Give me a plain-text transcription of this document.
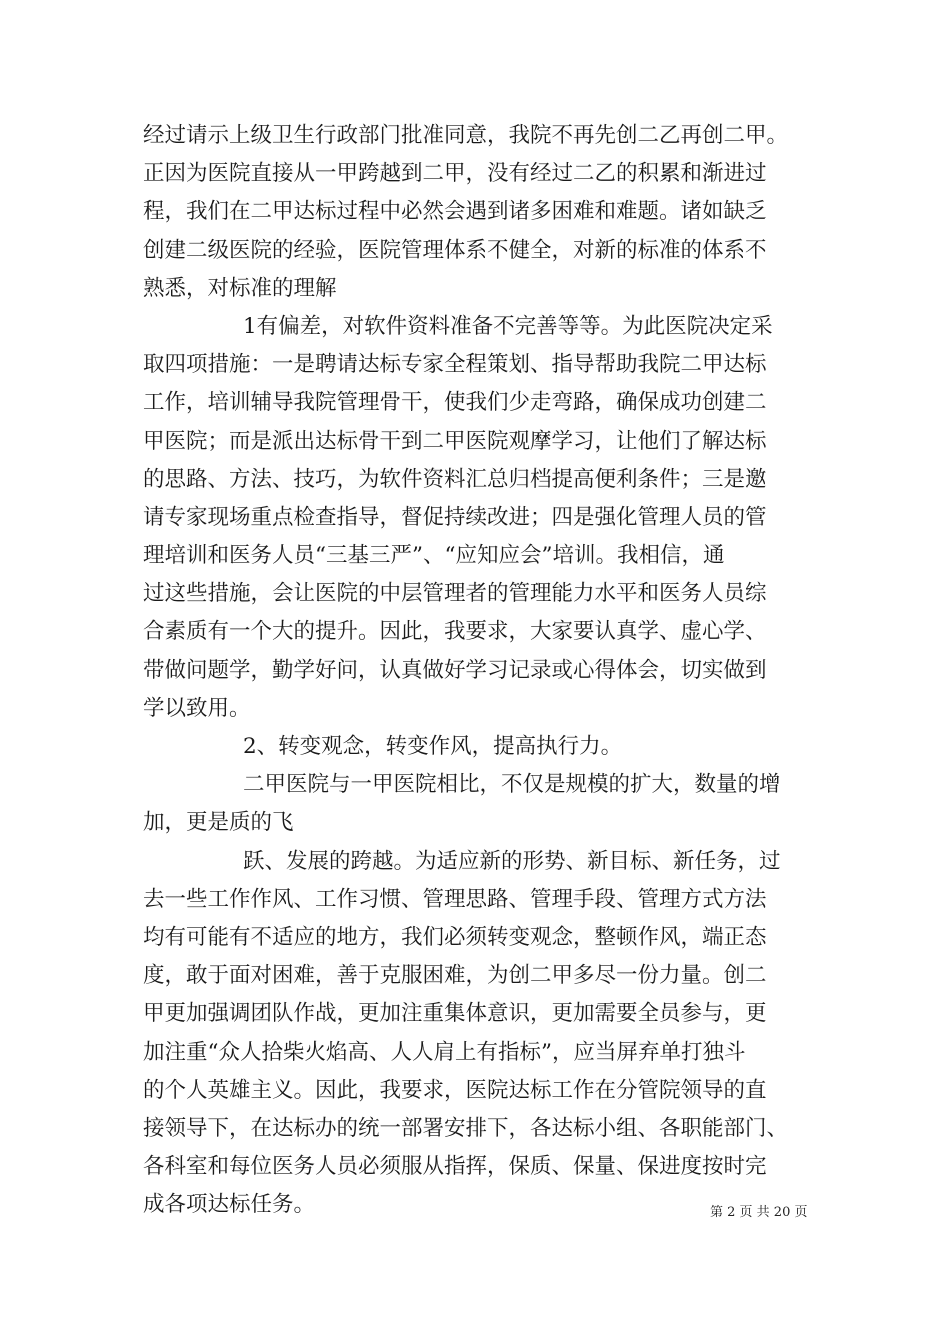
经过请示上级卫生行政部门批准同意，我院不再先创二乙再创二甲。
正因为医院直接从一甲跨越到二甲，没有经过二乙的积累和渐进过
程，我们在二甲达标过程中必然会遇到诸多困难和难题。诸如缺乏
创建二级医院的经验，医院管理体系不健全，对新的标准的体系不
熟悉，对标准的理解
1有偏差，对软件资料准备不完善等等。为此医院决定采
取四项措施：一是聘请达标专家全程策划、指导帮助我院二甲达标
工作，培训辅导我院管理骨干，使我们少走弯路，确保成功创建二
甲医院；而是派出达标骨干到二甲医院观摩学习，让他们了解达标
的思路、方法、技巧，为软件资料汇总归档提高便利条件；三是邀
请专家现场重点检查指导，督促持续改进；四是强化管理人员的管
理培训和医务人员“三基三严”、“应知应会”培训。我相信，通
过这些措施，会让医院的中层管理者的管理能力水平和医务人员综
合素质有一个大的提升。因此，我要求，大家要认真学、虚心学、
带做问题学，勤学好问，认真做好学习记录或心得体会，切实做到
学以致用。
2、转变观念，转变作风，提高执行力。
二甲医院与一甲医院相比，不仅是规模的扩大，数量的增
加，更是质的飞
跃、发展的跨越。为适应新的形势、新目标、新任务，过
去一些工作作风、工作习惯、管理思路、管理手段、管理方式方法
均有可能有不适应的地方，我们必须转变观念，整顿作风，端正态
度，敢于面对困难，善于克服困难，为创二甲多尽一份力量。创二
甲更加强调团队作战，更加注重集体意识，更加需要全员参与，更
加注重“众人拾柴火焰高、人人肩上有指标”，应当屏弃单打独斗
的个人英雄主义。因此，我要求，医院达标工作在分管院领导的直
接领导下，在达标办的统一部署安排下，各达标小组、各职能部门、
各科室和每位医务人员必须服从指挥，保质、保量、保进度按时完
成各项达标任务。	第 2 页 共 20 页
